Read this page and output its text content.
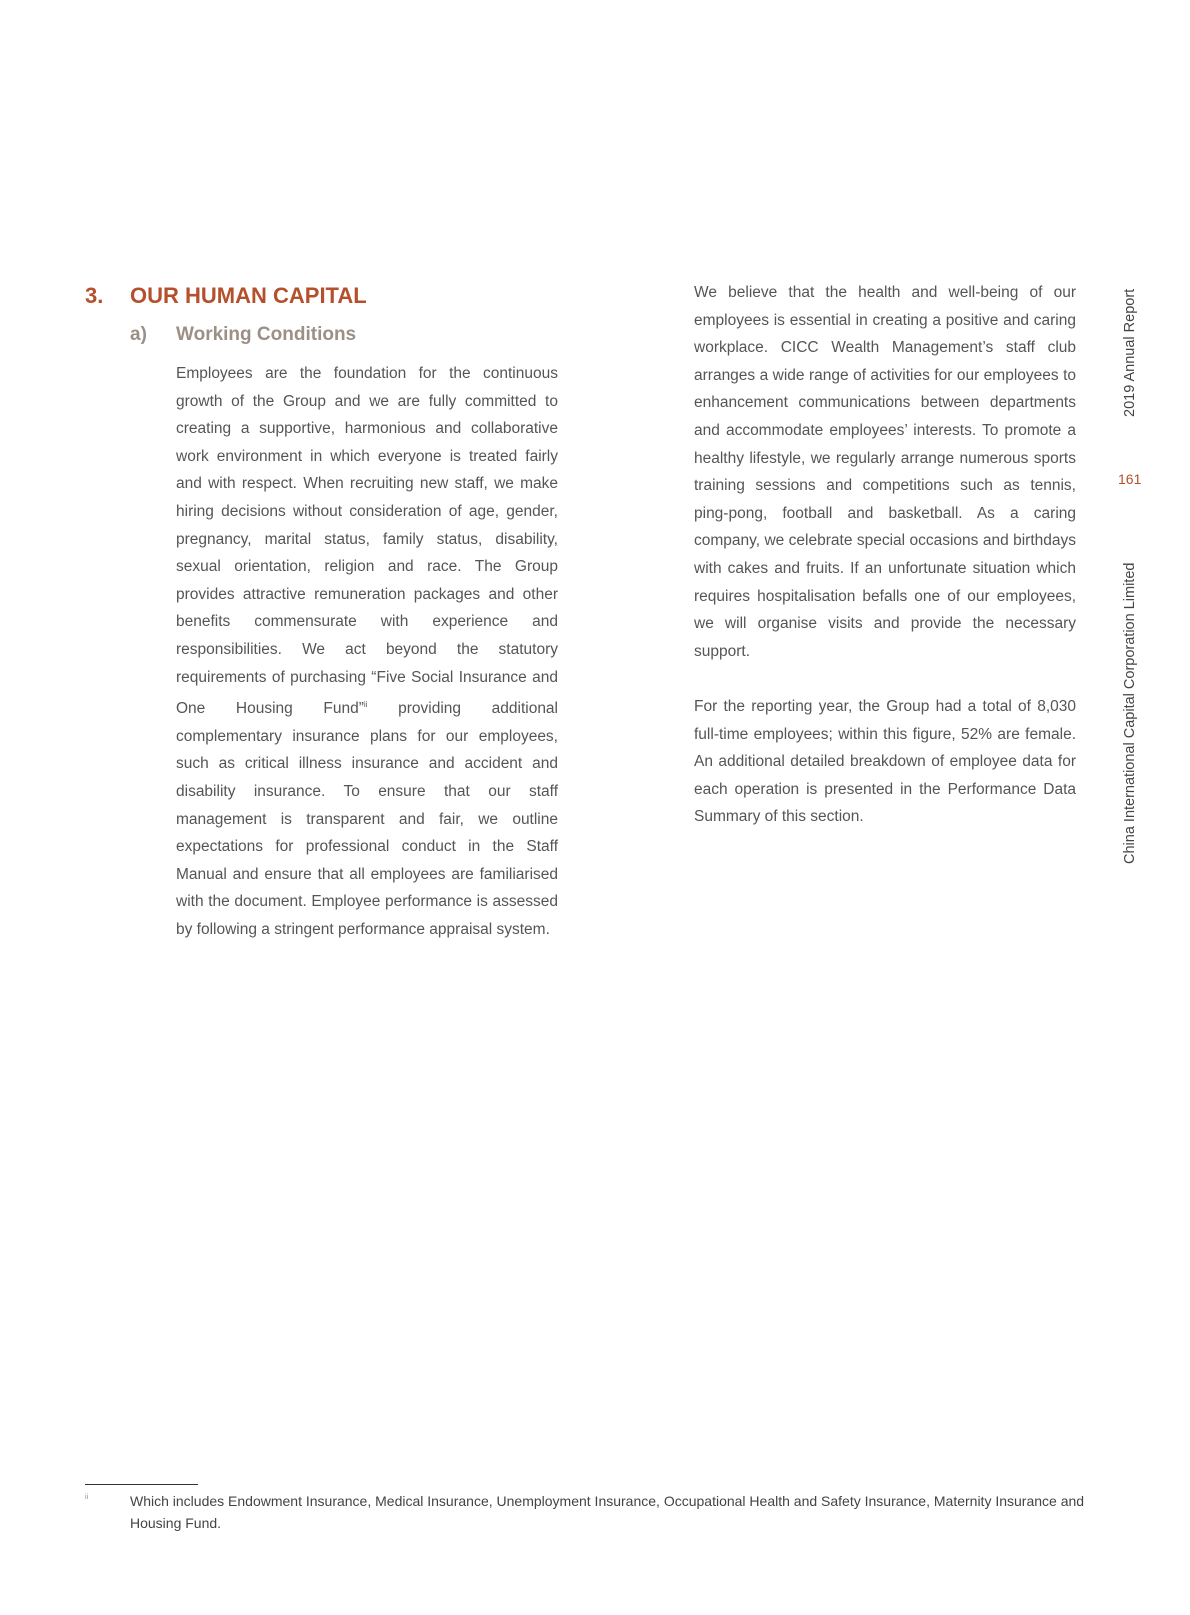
3. OUR HUMAN CAPITAL
a) Working Conditions
Employees are the foundation for the continuous growth of the Group and we are fully committed to creating a supportive, harmonious and collaborative work environment in which everyone is treated fairly and with respect. When recruiting new staff, we make hiring decisions without consideration of age, gender, pregnancy, marital status, family status, disability, sexual orientation, religion and race. The Group provides attractive remuneration packages and other benefits commensurate with experience and responsibilities. We act beyond the statutory requirements of purchasing “Five Social Insurance and One Housing Fund”$^{ii}$ providing additional complementary insurance plans for our employees, such as critical illness insurance and accident and disability insurance. To ensure that our staff management is transparent and fair, we outline expectations for professional conduct in the Staff Manual and ensure that all employees are familiarised with the document. Employee performance is assessed by following a stringent performance appraisal system.
We believe that the health and well-being of our employees is essential in creating a positive and caring workplace. CICC Wealth Management’s staff club arranges a wide range of activities for our employees to enhancement communications between departments and accommodate employees’ interests. To promote a healthy lifestyle, we regularly arrange numerous sports training sessions and competitions such as tennis, ping-pong, football and basketball. As a caring company, we celebrate special occasions and birthdays with cakes and fruits. If an unfortunate situation which requires hospitalisation befalls one of our employees, we will organise visits and provide the necessary support.
For the reporting year, the Group had a total of 8,030 full-time employees; within this figure, 52% are female. An additional detailed breakdown of employee data for each operation is presented in the Performance Data Summary of this section.
2019 Annual Report
161
China International Capital Corporation Limited
ii	Which includes Endowment Insurance, Medical Insurance, Unemployment Insurance, Occupational Health and Safety Insurance, Maternity Insurance and Housing Fund.
